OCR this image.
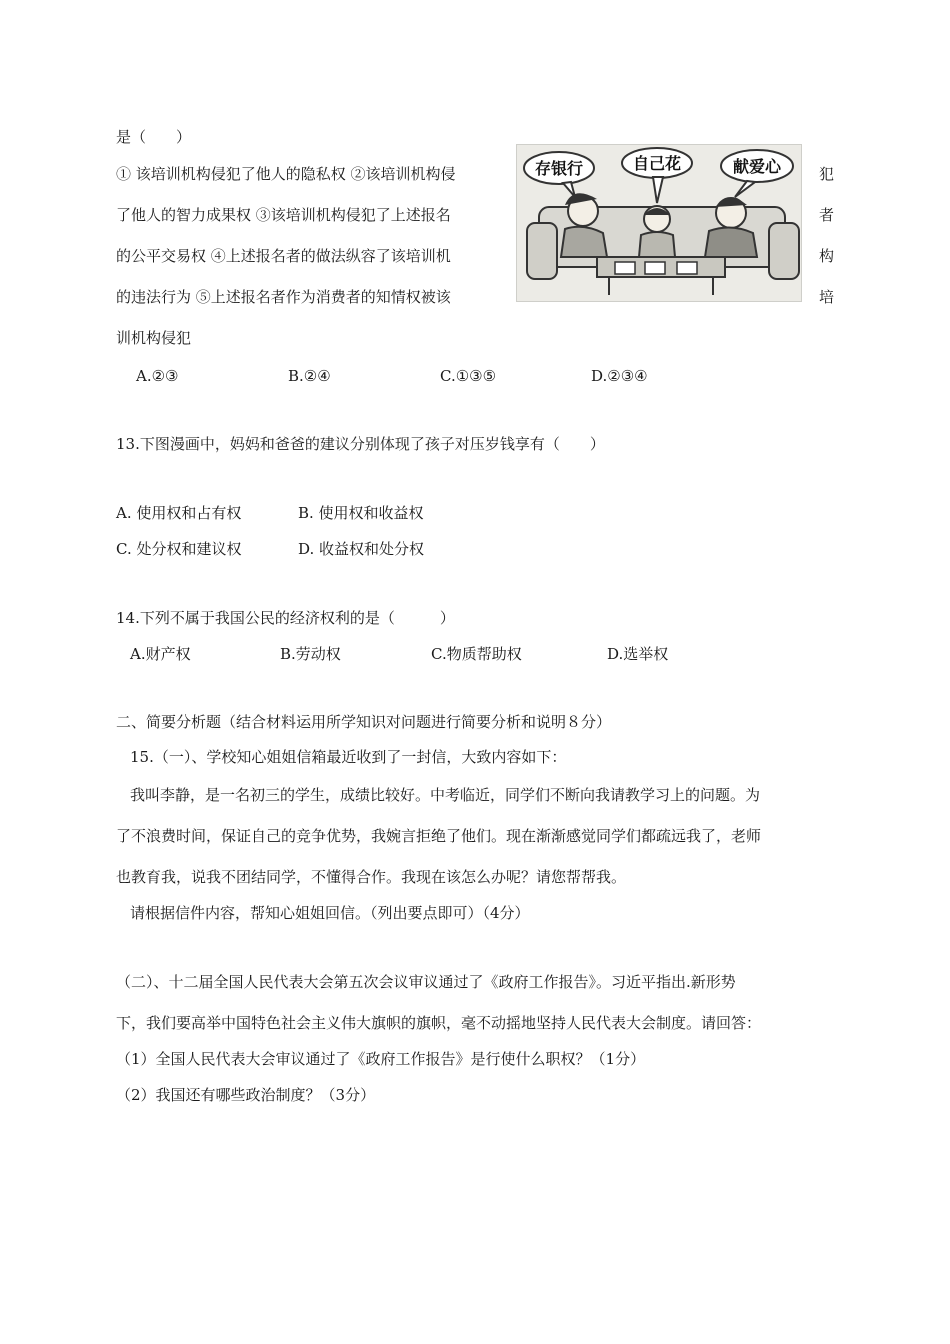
是（　　）
① 该培训机构侵犯了他人的隐私权 ②该培训机构侵
了他人的智力成果权 ③该培训机构侵犯了上述报名
的公平交易权 ④上述报名者的做法纵容了该培训机
的违法行为 ⑤上述报名者作为消费者的知情权被该
训机构侵犯
犯
者
构
培
A.②③	B.②④	C.①③⑤	D.②③④
存银行	自己花	献爱心
13.下图漫画中，妈妈和爸爸的建议分别体现了孩子对压岁钱享有（　　）
A. 使用权和占有权	B. 使用权和收益权
C. 处分权和建议权	D. 收益权和处分权
14.下列不属于我国公民的经济权利的是（　　　）
A.财产权	B.劳动权	C.物质帮助权	D.选举权
二、简要分析题（结合材料运用所学知识对问题进行简要分析和说明８分）
15.（一）、学校知心姐姐信箱最近收到了一封信，大致内容如下：
我叫李静，是一名初三的学生，成绩比较好。中考临近，同学们不断向我请教学习上的问题。为
了不浪费时间，保证自己的竞争优势，我婉言拒绝了他们。现在渐渐感觉同学们都疏远我了，老师
也教育我，说我不团结同学，不懂得合作。我现在该怎么办呢？请您帮帮我。
请根据信件内容，帮知心姐姐回信。（列出要点即可）（4分）
（二）、十二届全国人民代表大会第五次会议审议通过了《政府工作报告》。习近平指出.新形势
下，我们要高举中国特色社会主义伟大旗帜的旗帜，毫不动摇地坚持人民代表大会制度。请回答：
（1）全国人民代表大会审议通过了《政府工作报告》是行使什么职权？（1分）
（2）我国还有哪些政治制度？（3分）
